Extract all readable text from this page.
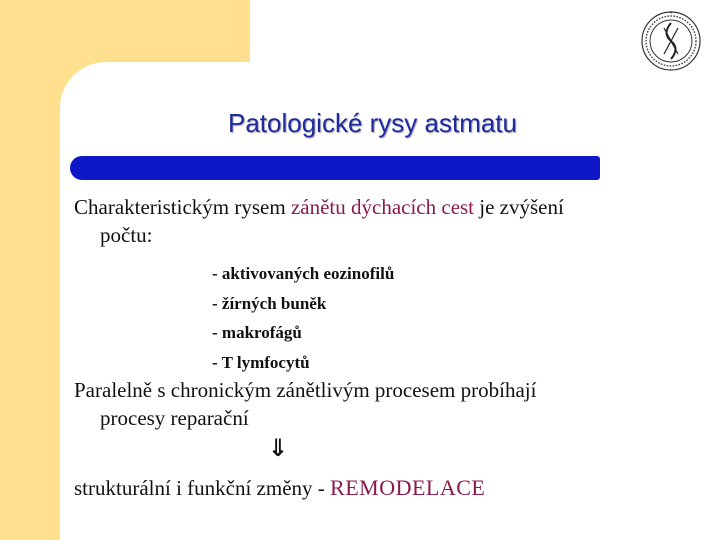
Patologické rysy astmatu
Charakteristickým rysem zánětu dýchacích cest je zvýšení
počtu:
- aktivovaných eozinofilů
- žírných buněk
- makrofágů
- T lymfocytů
Paralelně s chronickým zánětlivým procesem probíhají
procesy reparační
⇓
strukturální i funkční změny - REMODELACE
